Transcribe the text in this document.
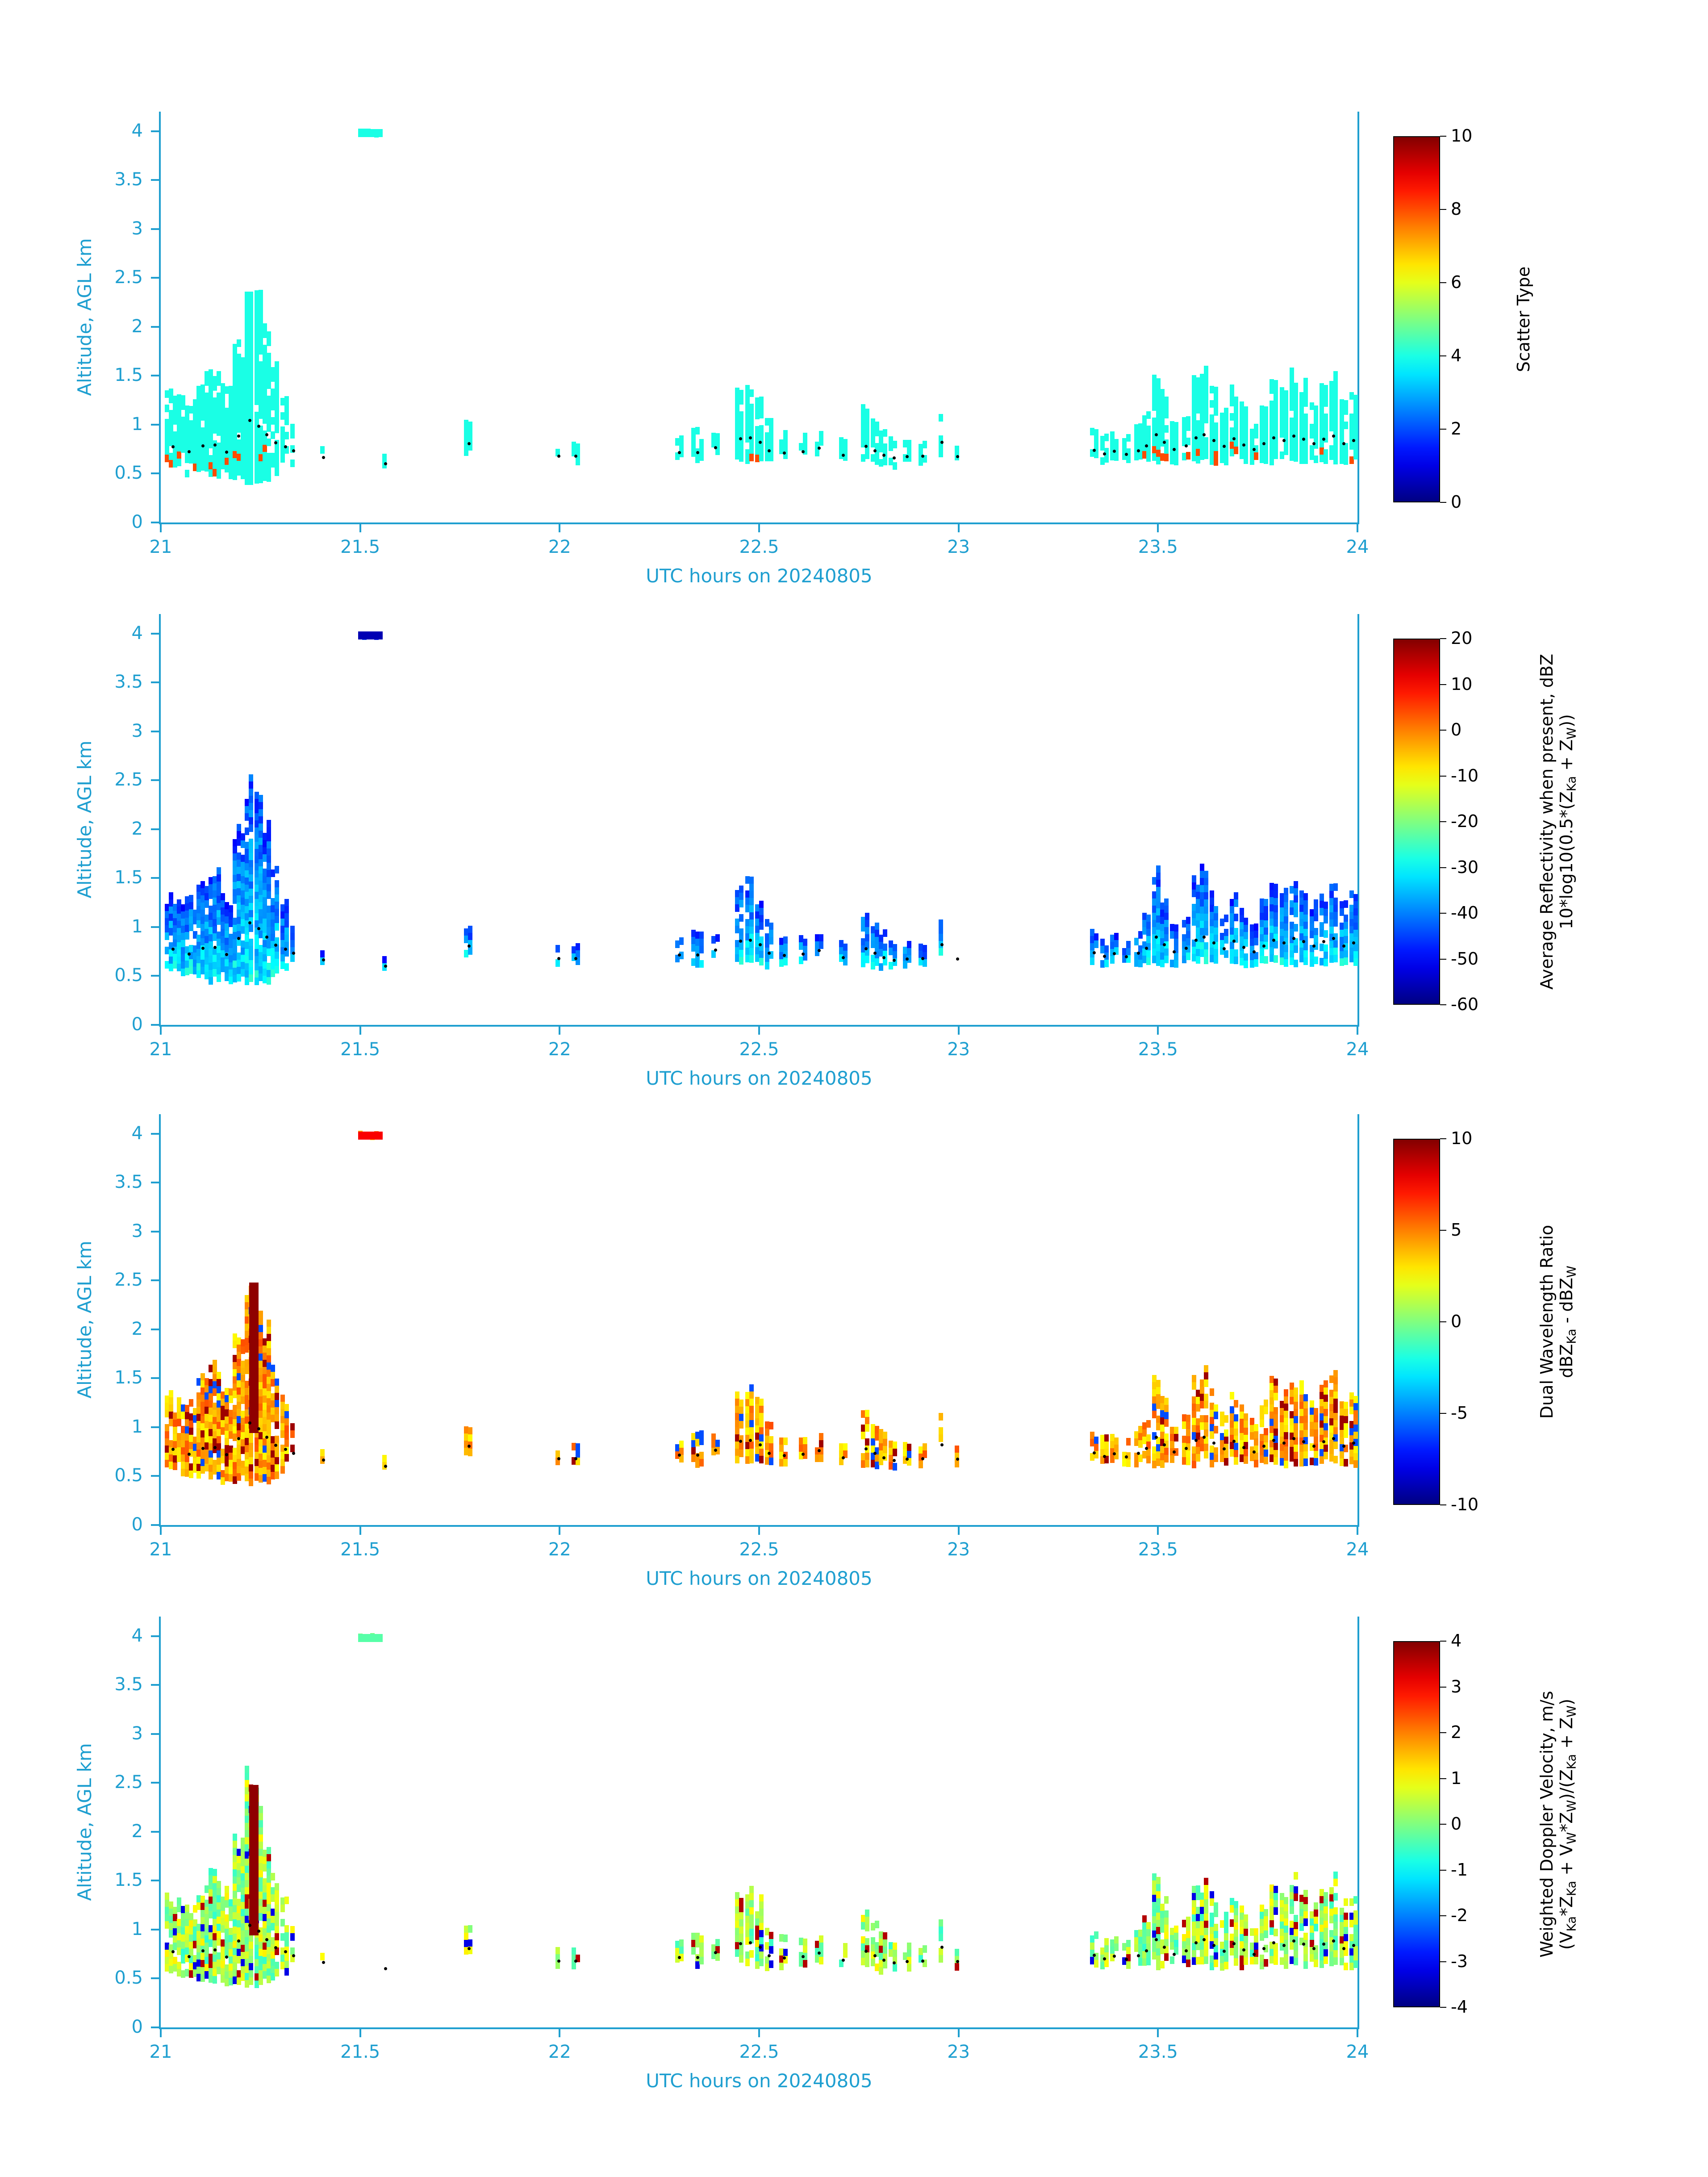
0
0.5
1
1.5
2
2.5
3
3.5
4
21	21.5	22	22.5	23	23.5	24
UTC hours on 20240805
Altitude, AGL km
10
8
6
4
2
0
Scatter Type
0
0.5
1
1.5
2
2.5
3
3.5
4
21	21.5	22	22.5	23	23.5	24
UTC hours on 20240805
Altitude, AGL km
20
10
0
-10
-20
-30
-40
-50
-60
Average Reflectivity when present, dBZ $10*\log 10(0.5*(Z_{Ka} + Z_W))$
0
0.5
1
1.5
2
2.5
3
3.5
4
21	21.5	22	22.5	23	23.5	24
UTC hours on 20240805
Altitude, AGL km
10
5
0
-5
-10
Dual Wavelength Ratio dBZ$_{Ka}$ - dBZ$_W$
0
0.5
1
1.5
2
2.5
3
3.5
4
21	21.5	22	22.5	23	23.5	24
UTC hours on 20240805
Altitude, AGL km
4
3
2
1
0
-1
-2
-3
-4
Weighted Doppler Velocity, m/s $(V_{Ka}*Z_{Ka} + V_W*Z_W)/(Z_{Ka} + Z_W)$
